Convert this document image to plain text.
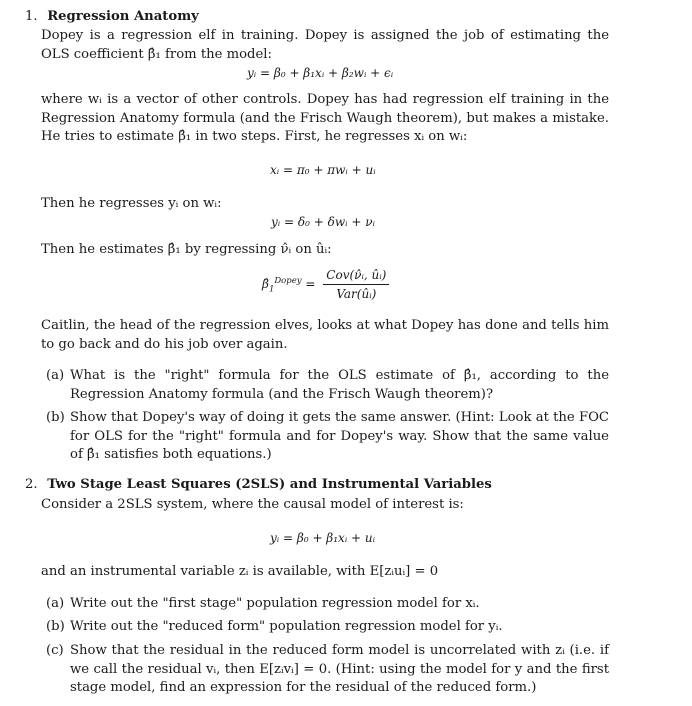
1. Regression Anatomy

Dopey is a regression elf in training. Dopey is assigned the job of estimating the OLS coefficient β̂₁ from the model:

yᵢ = β₀ + β₁xᵢ + β₂wᵢ + ϵᵢ

where wᵢ is a vector of other controls. Dopey has had regression elf training in the Regression Anatomy formula (and the Frisch Waugh theorem), but makes a mistake. He tries to estimate β̂₁ in two steps. First, he regresses xᵢ on wᵢ:

xᵢ = π₀ + πwᵢ + uᵢ

Then he regresses yᵢ on wᵢ:

yᵢ = δ₀ + δwᵢ + νᵢ

Then he estimates β̂₁ by regressing ν̂ᵢ on ûᵢ:

$\betâ_1^{Dopey} = \frac{\text{Cov(ν̂ᵢ, ûᵢ)}}{\text{Var(ûᵢ)}}$

Caitlin, the head of the regression elves, looks at what Dopey has done and tells him to go back and do his job over again.

(a) What is the "right" formula for the OLS estimate of β̂₁, according to the Regression Anatomy formula (and the Frisch Waugh theorem)?
(b) Show that Dopey's way of doing it gets the same answer. (Hint: Look at the FOC for OLS for the "right" formula and for Dopey's way. Show that the same value of β̂₁ satisfies both equations.)
2. Two Stage Least Squares (2SLS) and Instrumental Variables

Consider a 2SLS system, where the causal model of interest is:

yᵢ = β₀ + β₁xᵢ + uᵢ

and an instrumental variable zᵢ is available, with E[zᵢuᵢ] = 0

(a) Write out the "first stage" population regression model for xᵢ.
(b) Write out the "reduced form" population regression model for yᵢ.
(c) Show that the residual in the reduced form model is uncorrelated with zᵢ (i.e. if we call the residual vᵢ, then E[zᵢvᵢ] = 0. (Hint: using the model for y and the first stage model, find an expression for the residual of the reduced form.)
